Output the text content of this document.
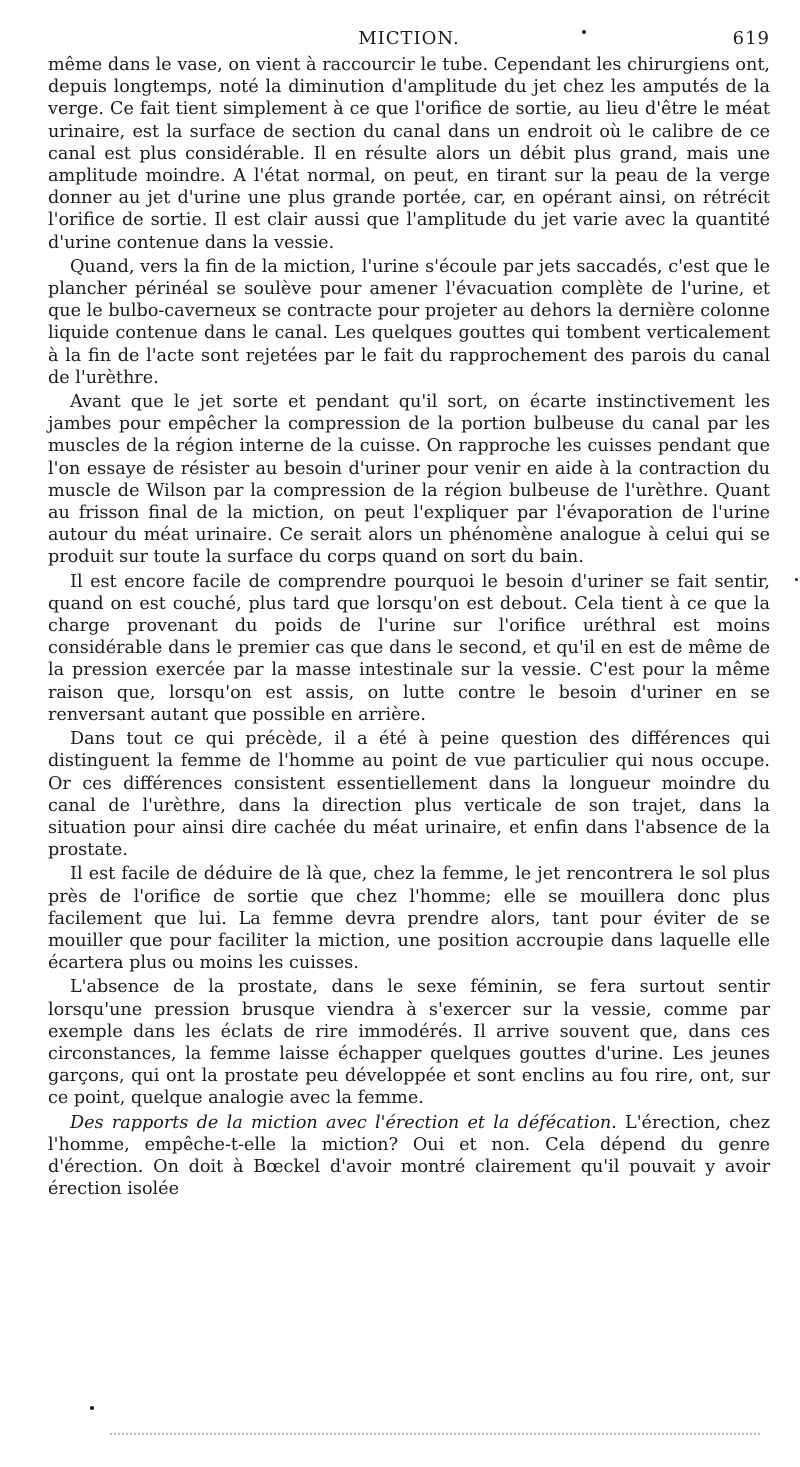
MICTION.	619

même dans le vase, on vient à raccourcir le tube. Cependant les chirurgiens ont, depuis longtemps, noté la diminution d'amplitude du jet chez les amputés de la verge. Ce fait tient simplement à ce que l'orifice de sortie, au lieu d'être le méat urinaire, est la surface de section du canal dans un endroit où le calibre de ce canal est plus considérable. Il en résulte alors un débit plus grand, mais une amplitude moindre. A l'état normal, on peut, en tirant sur la peau de la verge donner au jet d'urine une plus grande portée, car, en opérant ainsi, on rétrécit l'orifice de sortie. Il est clair aussi que l'amplitude du jet varie avec la quantité d'urine contenue dans la vessie.

Quand, vers la fin de la miction, l'urine s'écoule par jets saccadés, c'est que le plancher périnéal se soulève pour amener l'évacuation complète de l'urine, et que le bulbo-caverneux se contracte pour projeter au dehors la dernière colonne liquide contenue dans le canal. Les quelques gouttes qui tombent verticalement à la fin de l'acte sont rejetées par le fait du rapprochement des parois du canal de l'urèthre.

Avant que le jet sorte et pendant qu'il sort, on écarte instinctivement les jambes pour empêcher la compression de la portion bulbeuse du canal par les muscles de la région interne de la cuisse. On rapproche les cuisses pendant que l'on essaye de résister au besoin d'uriner pour venir en aide à la contraction du muscle de Wilson par la compression de la région bulbeuse de l'urèthre. Quant au frisson final de la miction, on peut l'expliquer par l'évaporation de l'urine autour du méat urinaire. Ce serait alors un phénomène analogue à celui qui se produit sur toute la surface du corps quand on sort du bain.

Il est encore facile de comprendre pourquoi le besoin d'uriner se fait sentir, quand on est couché, plus tard que lorsqu'on est debout. Cela tient à ce que la charge provenant du poids de l'urine sur l'orifice uréthral est moins considérable dans le premier cas que dans le second, et qu'il en est de même de la pression exercée par la masse intestinale sur la vessie. C'est pour la même raison que, lorsqu'on est assis, on lutte contre le besoin d'uriner en se renversant autant que possible en arrière.

Dans tout ce qui précède, il a été à peine question des différences qui distinguent la femme de l'homme au point de vue particulier qui nous occupe. Or ces différences consistent essentiellement dans la longueur moindre du canal de l'urèthre, dans la direction plus verticale de son trajet, dans la situation pour ainsi dire cachée du méat urinaire, et enfin dans l'absence de la prostate.

Il est facile de déduire de là que, chez la femme, le jet rencontrera le sol plus près de l'orifice de sortie que chez l'homme; elle se mouillera donc plus facilement que lui. La femme devra prendre alors, tant pour éviter de se mouiller que pour faciliter la miction, une position accroupie dans laquelle elle écartera plus ou moins les cuisses.

L'absence de la prostate, dans le sexe féminin, se fera surtout sentir lorsqu'une pression brusque viendra à s'exercer sur la vessie, comme par exemple dans les éclats de rire immodérés. Il arrive souvent que, dans ces circonstances, la femme laisse échapper quelques gouttes d'urine. Les jeunes garçons, qui ont la prostate peu développée et sont enclins au fou rire, ont, sur ce point, quelque analogie avec la femme.

Des rapports de la miction avec l'érection et la défécation. L'érection, chez l'homme, empêche-t-elle la miction? Oui et non. Cela dépend du genre d'érection. On doit à Bœckel d'avoir montré clairement qu'il pouvait y avoir érection isolée
